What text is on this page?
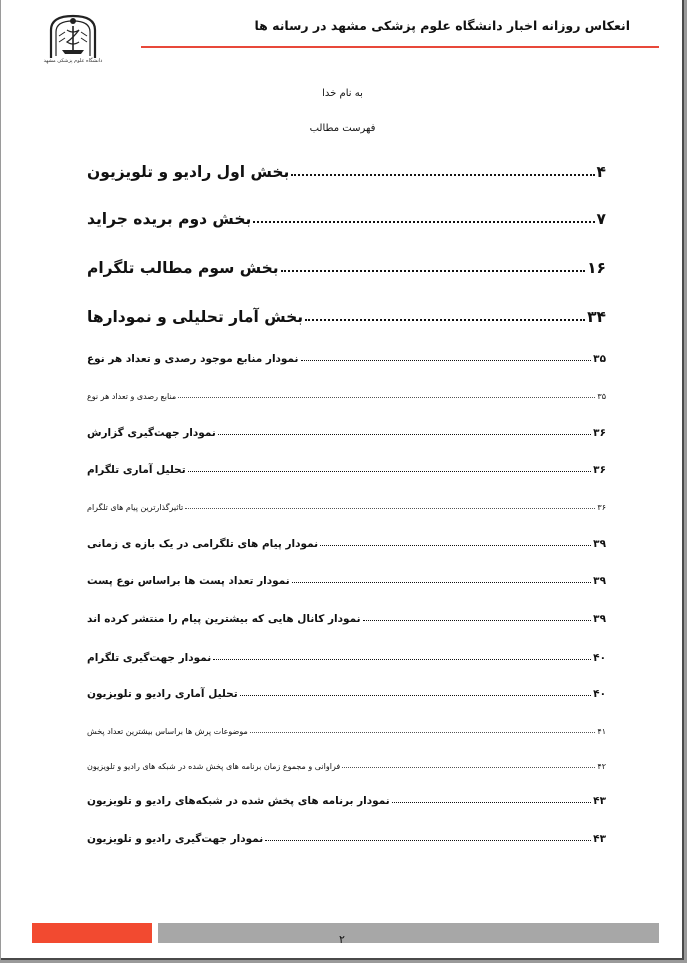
انعکاس روزانه اخبار دانشگاه علوم پزشکی مشهد در رسانه ها
دانشگاه علوم پزشکی مشهد
به نام خدا
فهرست مطالب
بخش اول رادیو و تلویزیون	۴
بخش دوم بریده جراید	۷
بخش سوم مطالب تلگرام	۱۶
بخش آمار تحلیلی و نمودارها	۳۴
نمودار منابع موجود رصدی و تعداد هر نوع	۳۵
منابع رصدی و تعداد هر نوع	۳۵
نمودار جهت‌گیری گزارش	۳۶
تحلیل آماری تلگرام	۳۶
تاثیرگذارترین پیام های تلگرام	۳۶
نمودار پیام های تلگرامی در یک بازه ی زمانی	۳۹
نمودار تعداد پست ها براساس نوع پست	۳۹
نمودار کانال هایی که بیشترین پیام را منتشر کرده اند	۳۹
نمودار جهت‌گیری تلگرام	۴۰
تحلیل آماری رادیو و تلویزیون	۴۰
موضوعات پرش ها براساس بیشترین تعداد پخش	۴۱
فراوانی و مجموع زمان برنامه های پخش شده در شبکه های رادیو و تلویزیون	۴۲
نمودار برنامه های پخش شده در شبکه‌های رادیو و تلویزیون	۴۳
نمودار جهت‌گیری رادیو و تلویزیون	۴۳
۲
